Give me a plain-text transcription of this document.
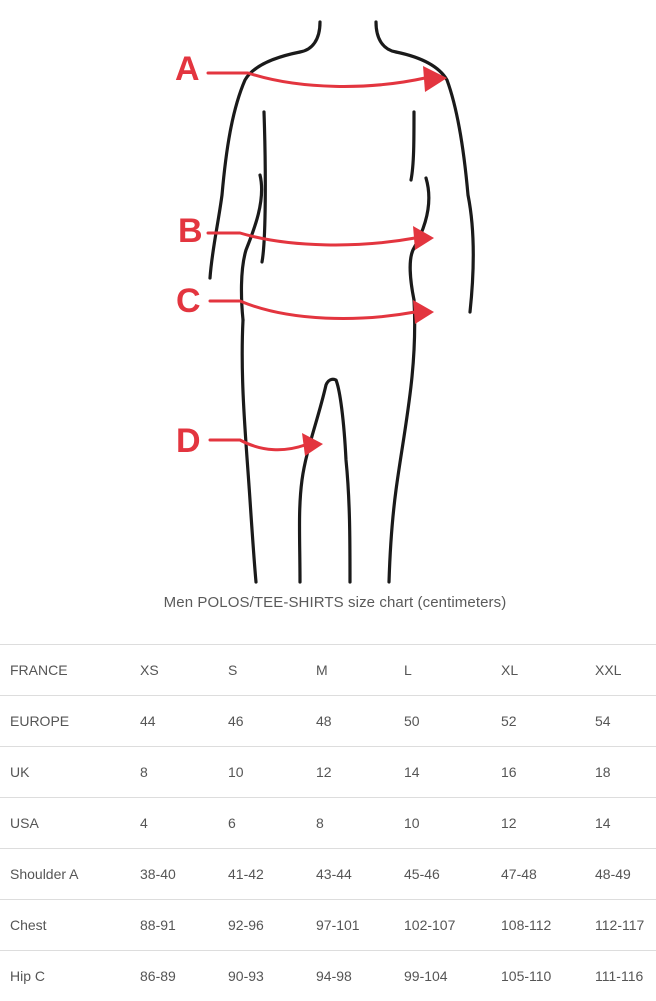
A
B
C
D
Men POLOS/TEE-SHIRTS size chart (centimeters)
FRANCE	XS	S	M	L	XL	XXL
EUROPE	44	46	48	50	52	54
UK	8	10	12	14	16	18
USA	4	6	8	10	12	14
Shoulder A	38-40	41-42	43-44	45-46	47-48	48-49
Chest	88-91	92-96	97-101	102-107	108-112	112-117
Hip C	86-89	90-93	94-98	99-104	105-110	111-116
